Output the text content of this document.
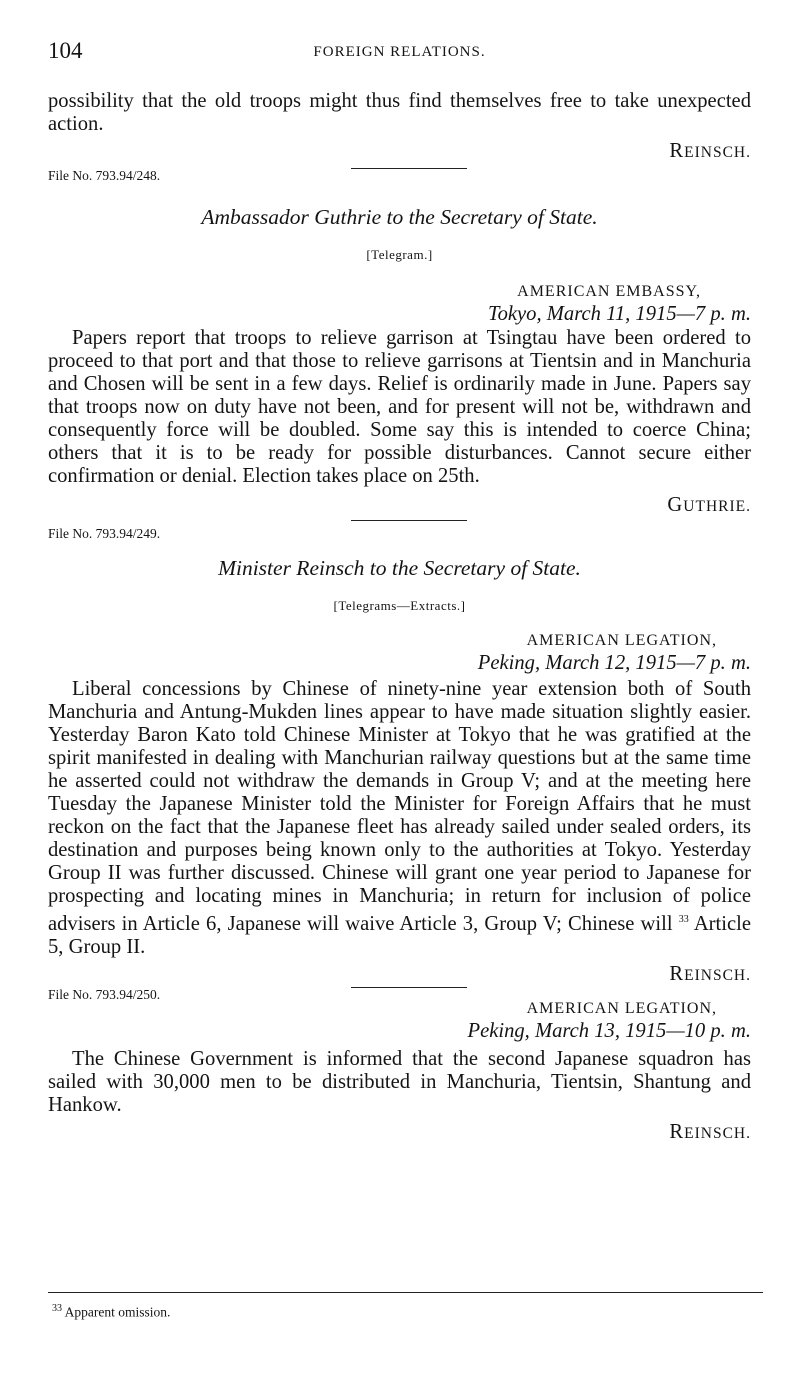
104	FOREIGN RELATIONS.

possibility that the old troops might thus find themselves free to take unexpected action.

REINSCH.

File No. 793.94/248.

Ambassador Guthrie to the Secretary of State.

[Telegram.]

AMERICAN EMBASSY,

Tokyo, March 11, 1915—7 p. m.

Papers report that troops to relieve garrison at Tsingtau have been ordered to proceed to that port and that those to relieve garrisons at Tientsin and in Manchuria and Chosen will be sent in a few days. Relief is ordinarily made in June. Papers say that troops now on duty have not been, and for present will not be, withdrawn and consequently force will be doubled. Some say this is intended to coerce China; others that it is to be ready for possible disturbances. Cannot secure either confirmation or denial. Election takes place on 25th.

GUTHRIE.

File No. 793.94/249.

Minister Reinsch to the Secretary of State.

[Telegrams—Extracts.]

AMERICAN LEGATION,

Peking, March 12, 1915—7 p. m.

Liberal concessions by Chinese of ninety-nine year extension both of South Manchuria and Antung-Mukden lines appear to have made situation slightly easier. Yesterday Baron Kato told Chinese Minister at Tokyo that he was gratified at the spirit manifested in dealing with Manchurian railway questions but at the same time he asserted could not withdraw the demands in Group V; and at the meeting here Tuesday the Japanese Minister told the Minister for Foreign Affairs that he must reckon on the fact that the Japanese fleet has already sailed under sealed orders, its destination and purposes being known only to the authorities at Tokyo. Yesterday Group II was further discussed. Chinese will grant one year period to Japanese for prospecting and locating mines in Manchuria; in return for inclusion of police advisers in Article 6, Japanese will waive Article 3, Group V; Chinese will $^{33}$ Article 5, Group II.

REINSCH.

File No. 793.94/250.

AMERICAN LEGATION,

Peking, March 13, 1915—10 p. m.

The Chinese Government is informed that the second Japanese squadron has sailed with 30,000 men to be distributed in Manchuria, Tientsin, Shantung and Hankow.

REINSCH.

$^{33}$ Apparent omission.
